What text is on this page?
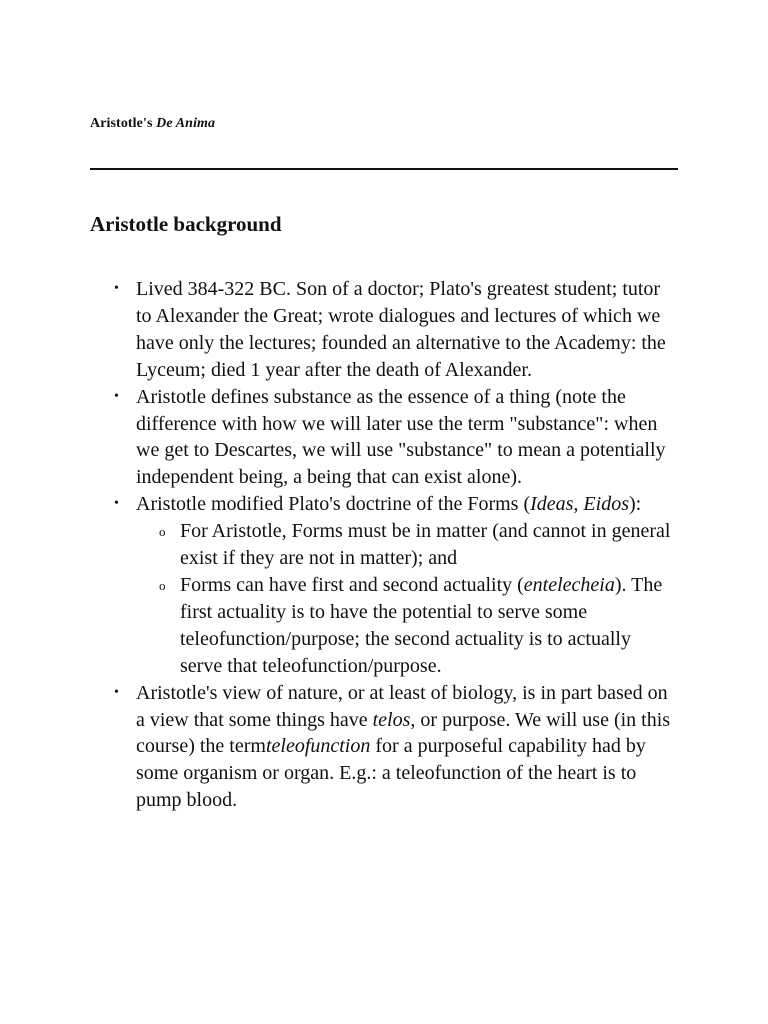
Aristotle's De Anima
Aristotle background
• Lived 384-322 BC. Son of a doctor; Plato's greatest student; tutor to Alexander the Great; wrote dialogues and lectures of which we have only the lectures; founded an alternative to the Academy: the Lyceum; died 1 year after the death of Alexander.
• Aristotle defines substance as the essence of a thing (note the difference with how we will later use the term "substance": when we get to Descartes, we will use "substance" to mean a potentially independent being, a being that can exist alone).
• Aristotle modified Plato's doctrine of the Forms (Ideas, Eidos):
o For Aristotle, Forms must be in matter (and cannot in general exist if they are not in matter); and
o Forms can have first and second actuality (entelecheia). The first actuality is to have the potential to serve some teleofunction/purpose; the second actuality is to actually serve that teleofunction/purpose.
• Aristotle's view of nature, or at least of biology, is in part based on a view that some things have telos, or purpose. We will use (in this course) the termteleofunction for a purposeful capability had by some organism or organ. E.g.: a teleofunction of the heart is to pump blood.
